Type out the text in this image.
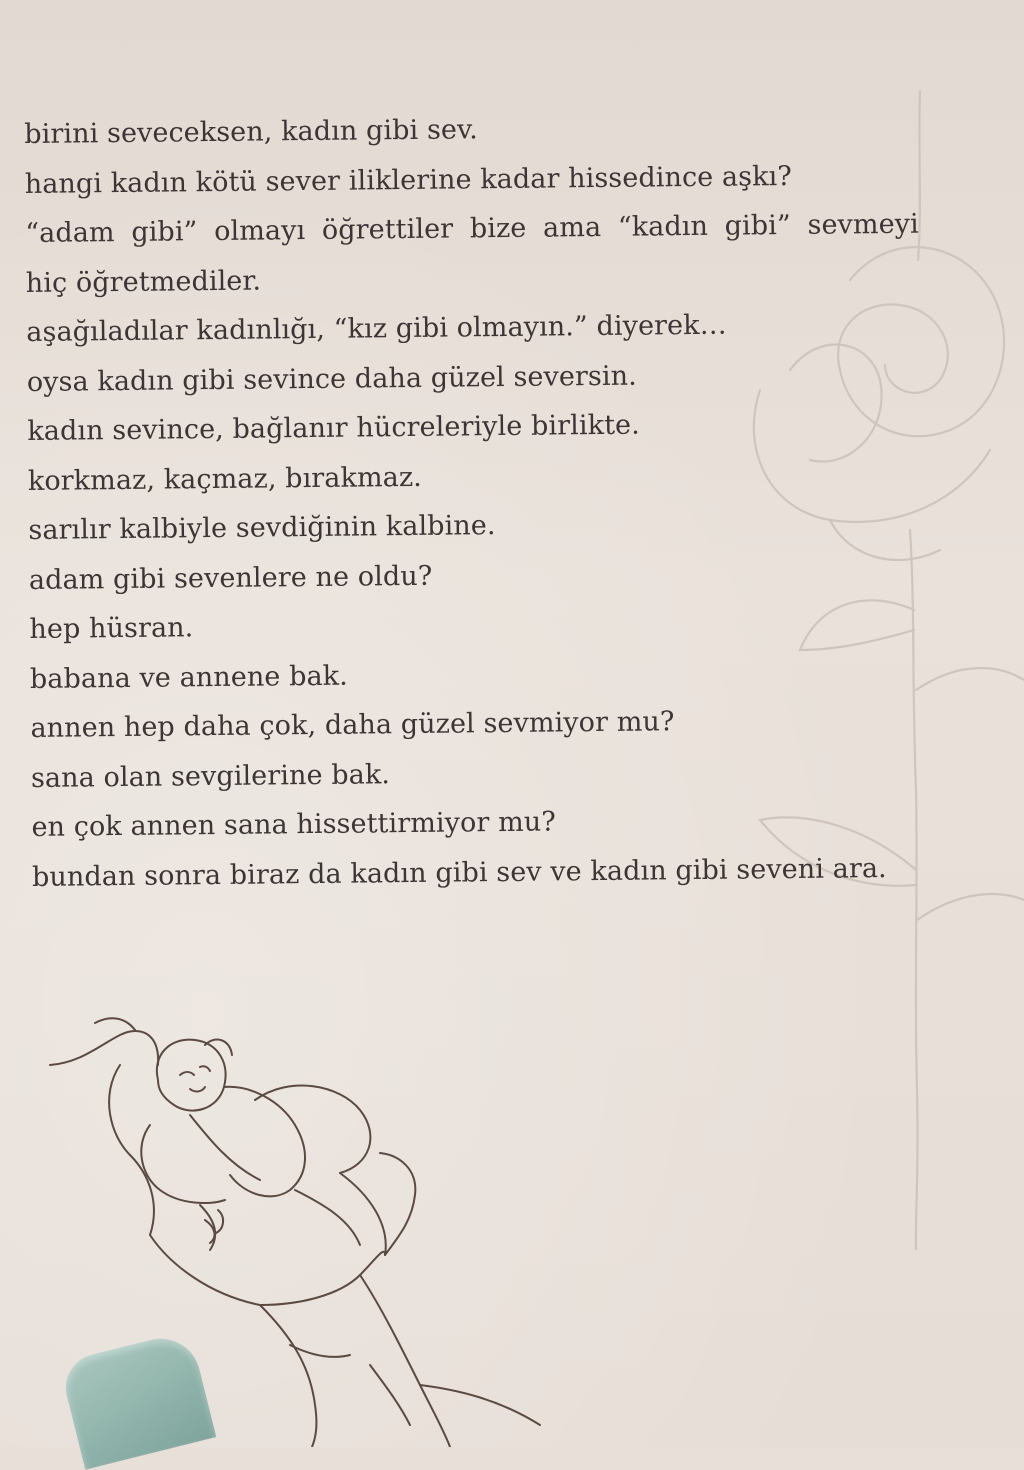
birini seveceksen, kadın gibi sev.
hangi kadın kötü sever iliklerine kadar hissedince aşkı?
“adam gibi” olmayı öğrettiler bize ama “kadın gibi” sevmeyi
hiç öğretmediler.
aşağıladılar kadınlığı, “kız gibi olmayın.” diyerek…
oysa kadın gibi sevince daha güzel seversin.
kadın sevince, bağlanır hücreleriyle birlikte.
korkmaz, kaçmaz, bırakmaz.
sarılır kalbiyle sevdiğinin kalbine.
adam gibi sevenlere ne oldu?
hep hüsran.
babana ve annene bak.
annen hep daha çok, daha güzel sevmiyor mu?
sana olan sevgilerine bak.
en çok annen sana hissettirmiyor mu?
bundan sonra biraz da kadın gibi sev ve kadın gibi seveni ara.
